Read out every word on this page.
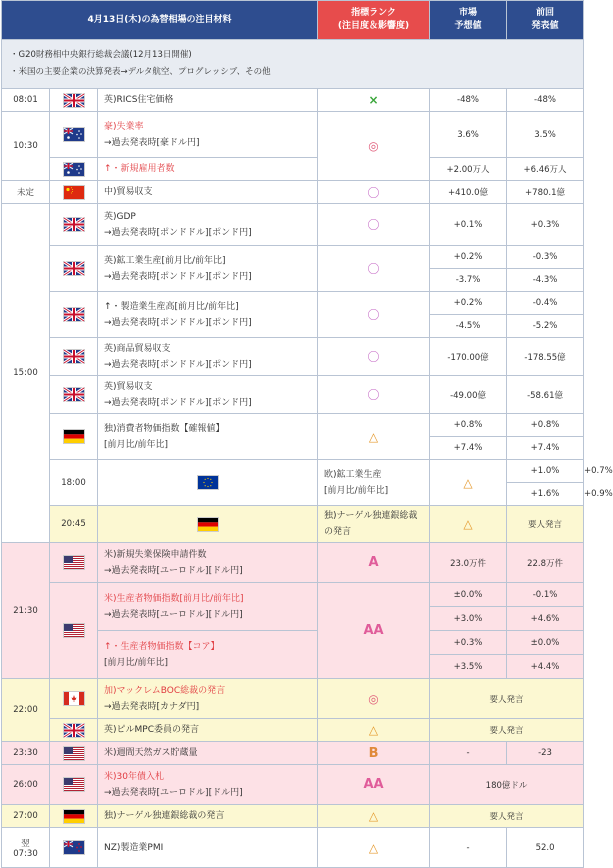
4月13日(木)の為替相場の注目材料			指標ランク
(注目度＆影響度)	市場
予想値	前回
発表値	

・G20財務相中央銀行総裁会議(12月13日開催)
・米国の主要企業の決算発表→デルタ航空、プログレッシブ、その他						

08:01		英)RICS住宅価格	×	-48%	-48%	
10:30		豪)失業率
→過去発表時[豪ドル円]	◎	3.6%	3.5%	
	↑・新規雇用者数		+2.00万人	+6.46万人	
未定		中)貿易収支	〇	+410.0億	+780.1億	
15:00		英)GDP
→過去発表時[ポンドドル][ポンド円]	〇	+0.1%	+0.3%	
	英)鉱工業生産[前月比/前年比]
→過去発表時[ポンドドル][ポンド円]	〇	+0.2%	-0.3%	
				-3.7%	-4.3%	
	↑・製造業生産高[前月比/前年比]
→過去発表時[ポンドドル][ポンド円]	〇	+0.2%	-0.4%	
				-4.5%	-5.2%	
	英)商品貿易収支
→過去発表時[ポンドドル][ポンド円]	〇	-170.00億	-178.55億	
	英)貿易収支
→過去発表時[ポンドドル][ポンド円]	〇	-49.00億	-58.61億	
	独)消費者物価指数【確報値】
[前月比/前年比]	△	+0.8%	+0.8%	
				+7.4%	+7.4%	
	18:00		欧)鉱工業生産
[前月比/前年比]	△	+1.0%	+0.7%
					+1.6%	+0.9%
	20:45		独)ナーゲル独連銀総裁の発言	△	要人発言	
21:30		米)新規失業保険申請件数
→過去発表時[ユーロドル][ドル円]	A	23.0万件	22.8万件	
	米)生産者物価指数[前月比/前年比]
→過去発表時[ユーロドル][ドル円]	AA	±0.0%	-0.1%	
				+3.0%	+4.6%	
		↑・生産者物価指数【コア】
[前月比/前年比]		+0.3%	±0.0%	
				+3.5%	+4.4%	
22:00		加)マックレムBOC総裁の発言
→過去発表時[カナダ円]	◎	要人発言		
	英)ピルMPC委員の発言	△	要人発言		
23:30		米)週間天然ガス貯蔵量	B	-	-23	
26:00		米)30年債入札
→過去発表時[ユーロドル][ドル円]	AA	180億ドル		
27:00		独)ナーゲル独連銀総裁の発言	△	要人発言		
翌 07:30		NZ)製造業PMI	△	-	52.0	
